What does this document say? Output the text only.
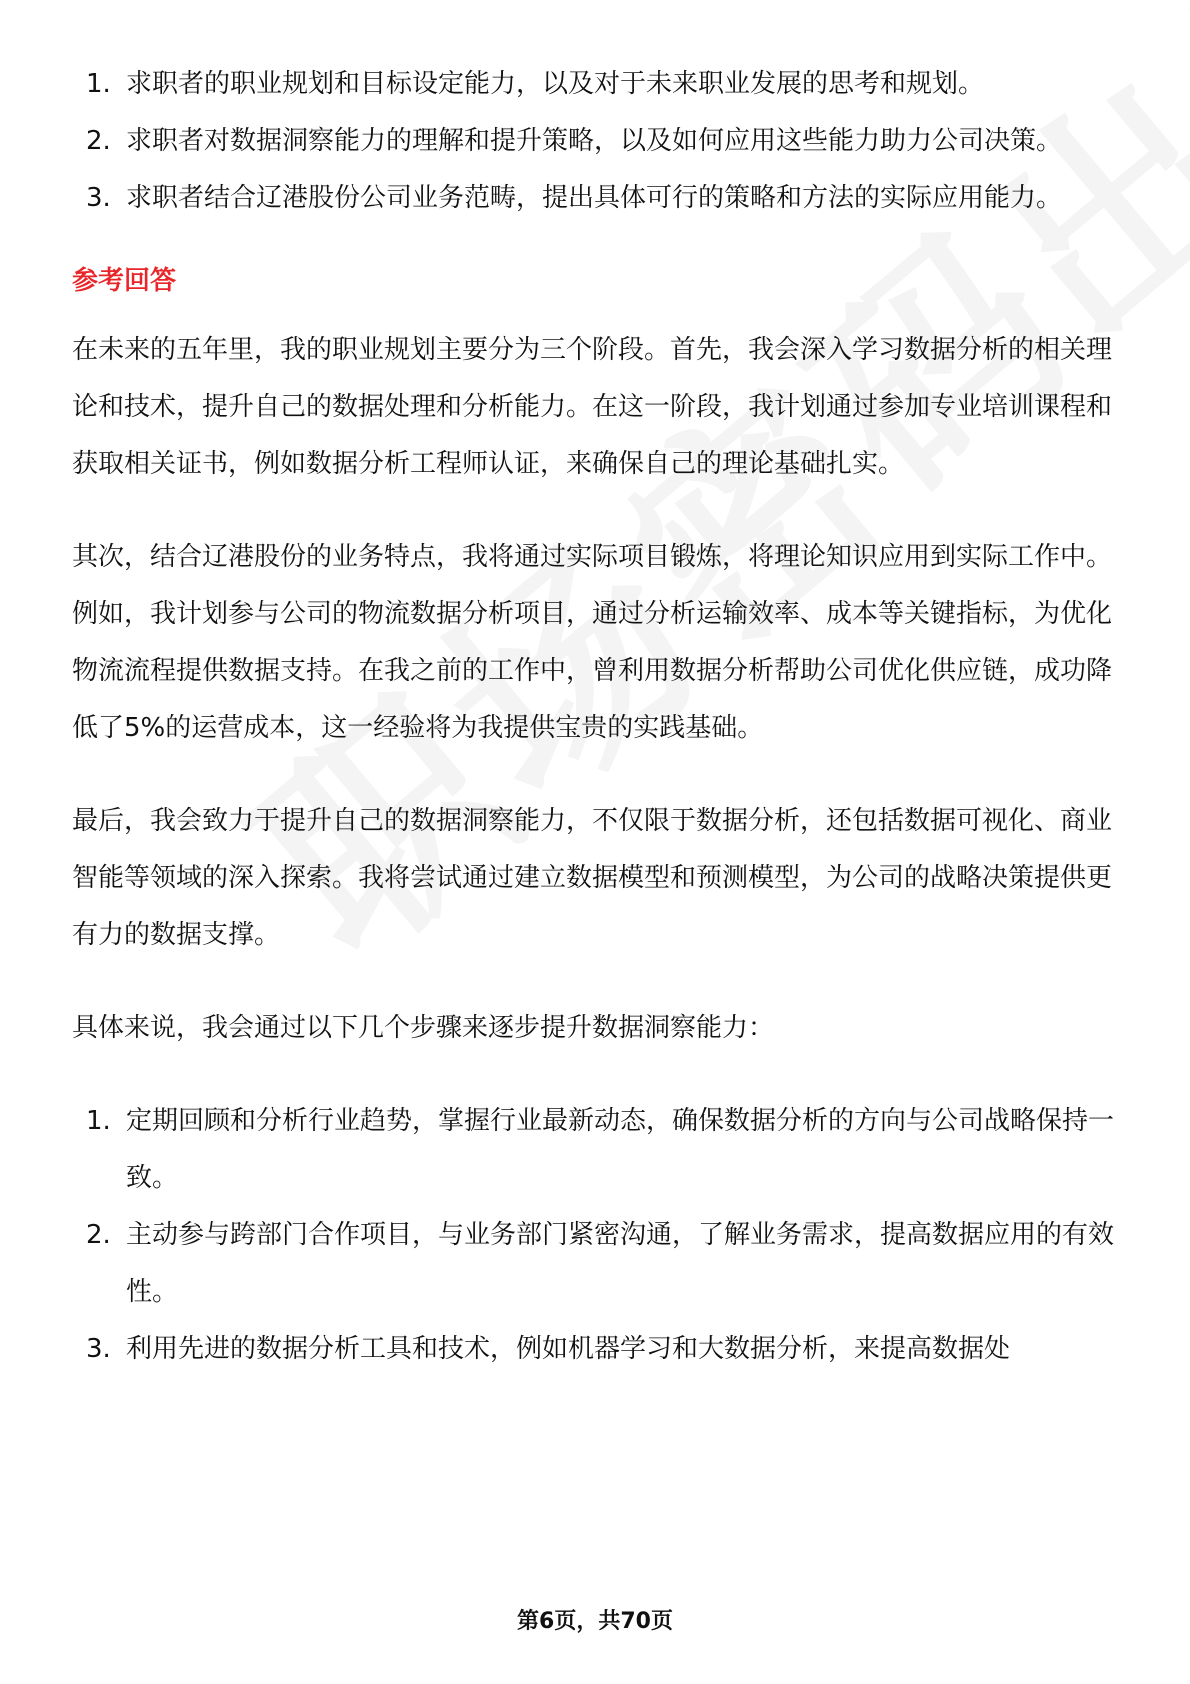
1. 求职者的职业规划和目标设定能力，以及对于未来职业发展的思考和规划。
2. 求职者对数据洞察能力的理解和提升策略，以及如何应用这些能力助力公司决策。
3. 求职者结合辽港股份公司业务范畴，提出具体可行的策略和方法的实际应用能力。
参考回答

在未来的五年里，我的职业规划主要分为三个阶段。首先，我会深入学习数据分析的相关理论和技术，提升自己的数据处理和分析能力。在这一阶段，我计划通过参加专业培训课程和获取相关证书，例如数据分析工程师认证，来确保自己的理论基础扎实。

其次，结合辽港股份的业务特点，我将通过实际项目锻炼，将理论知识应用到实际工作中。例如，我计划参与公司的物流数据分析项目，通过分析运输效率、成本等关键指标，为优化物流流程提供数据支持。在我之前的工作中，曾利用数据分析帮助公司优化供应链，成功降低了5%的运营成本，这一经验将为我提供宝贵的实践基础。

最后，我会致力于提升自己的数据洞察能力，不仅限于数据分析，还包括数据可视化、商业智能等领域的深入探索。我将尝试通过建立数据模型和预测模型，为公司的战略决策提供更有力的数据支撑。

具体来说，我会通过以下几个步骤来逐步提升数据洞察能力：

1. 定期回顾和分析行业趋势，掌握行业最新动态，确保数据分析的方向与公司战略保持一致。
2. 主动参与跨部门合作项目，与业务部门紧密沟通，了解业务需求，提高数据应用的有效性。
3. 利用先进的数据分析工具和技术，例如机器学习和大数据分析，来提高数据处
第6页，共70页
